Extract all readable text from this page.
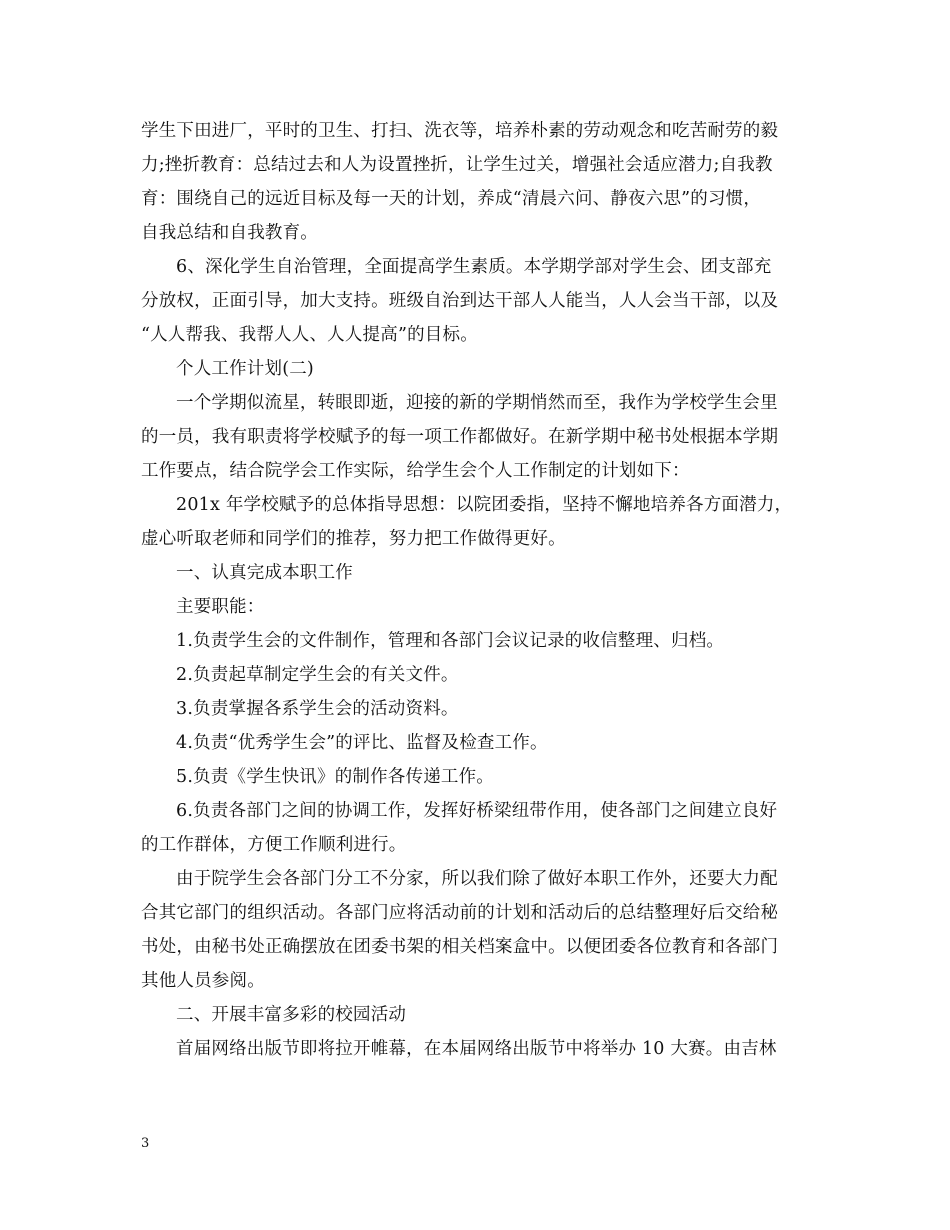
学生下田进厂，平时的卫生、打扫、洗衣等，培养朴素的劳动观念和吃苦耐劳的毅
力;挫折教育：总结过去和人为设置挫折，让学生过关，增强社会适应潜力;自我教
育：围绕自己的远近目标及每一天的计划，养成“清晨六问、静夜六思”的习惯，
自我总结和自我教育。
6、深化学生自治管理，全面提高学生素质。本学期学部对学生会、团支部充
分放权，正面引导，加大支持。班级自治到达干部人人能当，人人会当干部，以及
“人人帮我、我帮人人、人人提高”的目标。
个人工作计划(二)
一个学期似流星，转眼即逝，迎接的新的学期悄然而至，我作为学校学生会里
的一员，我有职责将学校赋予的每一项工作都做好。在新学期中秘书处根据本学期
工作要点，结合院学会工作实际，给学生会个人工作制定的计划如下：
201x 年学校赋予的总体指导思想：以院团委指，坚持不懈地培养各方面潜力，
虚心听取老师和同学们的推荐，努力把工作做得更好。
一、认真完成本职工作
主要职能：
1.负责学生会的文件制作，管理和各部门会议记录的收信整理、归档。
2.负责起草制定学生会的有关文件。
3.负责掌握各系学生会的活动资料。
4.负责“优秀学生会”的评比、监督及检查工作。
5.负责《学生快讯》的制作各传递工作。
6.负责各部门之间的协调工作，发挥好桥梁纽带作用，使各部门之间建立良好
的工作群体，方便工作顺利进行。
由于院学生会各部门分工不分家，所以我们除了做好本职工作外，还要大力配
合其它部门的组织活动。各部门应将活动前的计划和活动后的总结整理好后交给秘
书处，由秘书处正确摆放在团委书架的相关档案盒中。以便团委各位教育和各部门
其他人员参阅。
二、开展丰富多彩的校园活动
首届网络出版节即将拉开帷幕，在本届网络出版节中将举办 10 大赛。由吉林
3
